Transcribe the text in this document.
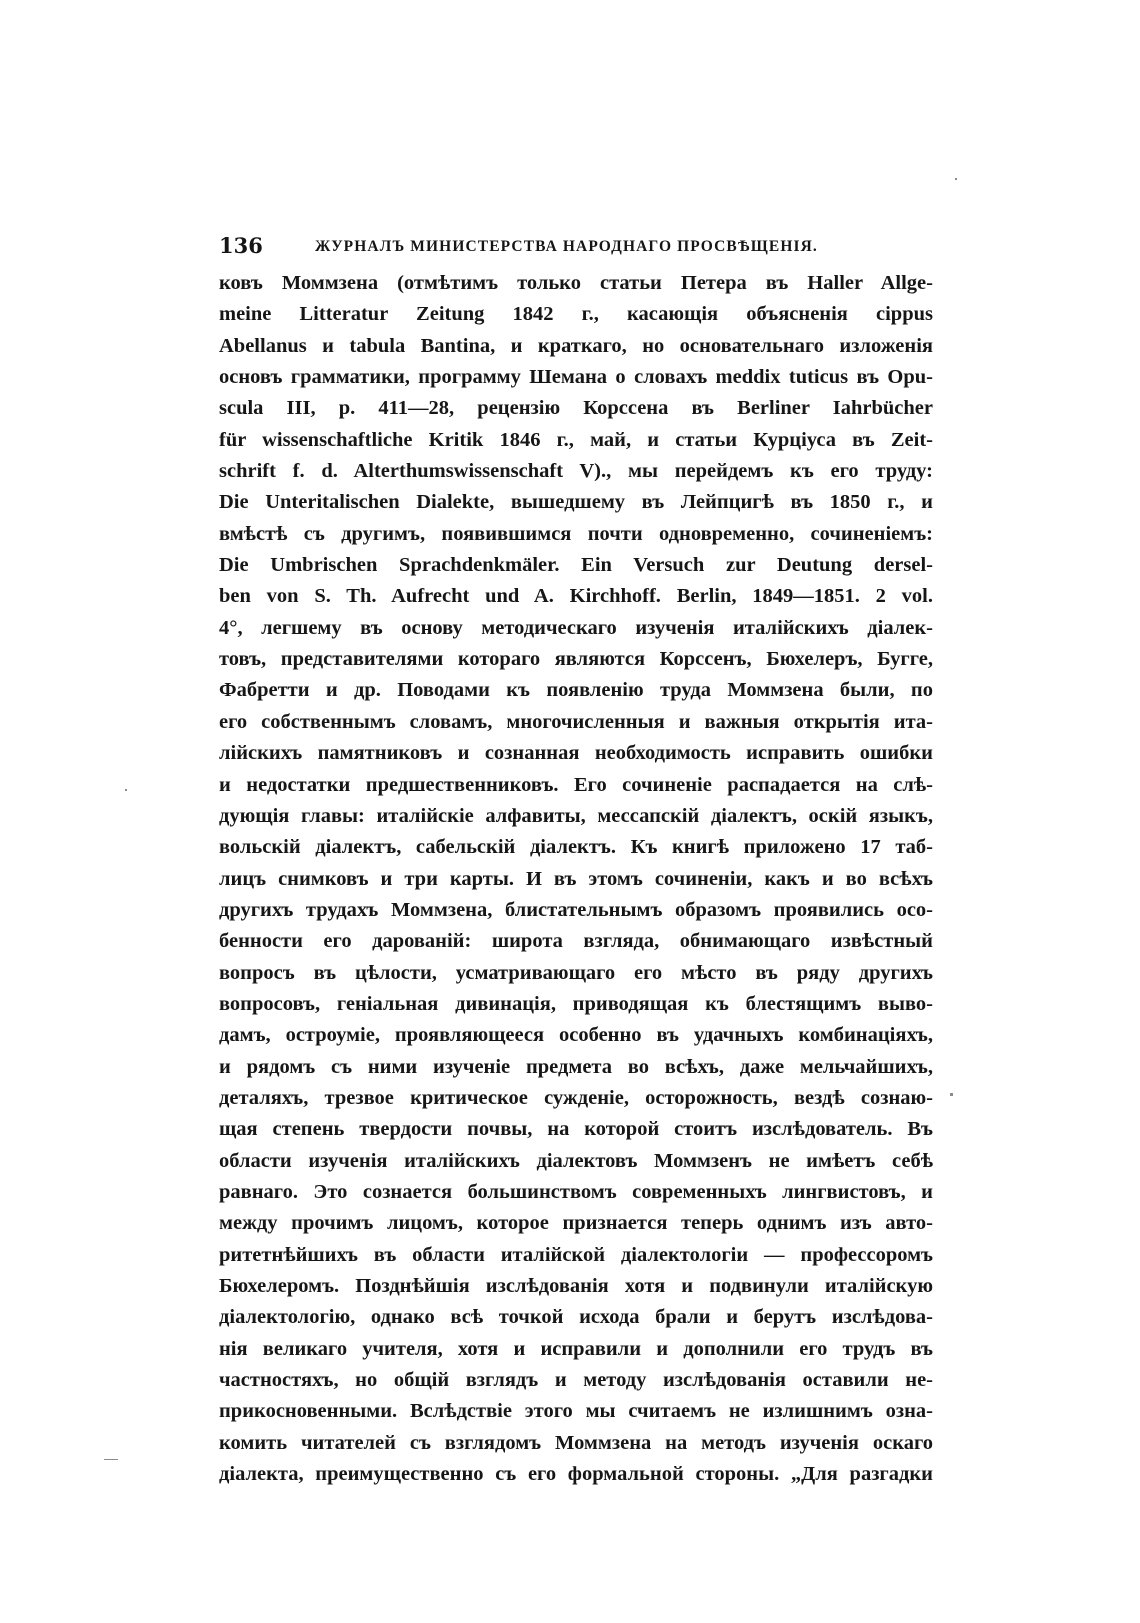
136	ЖУРНАЛЪ МИНИСТЕРСТВА НАРОДНАГО ПРОСВѢЩЕНІЯ.
ковъ Моммзена (отмѣтимъ только статьи Петера въ Haller Allge-
meine Litteratur Zeitung 1842 г., касающія объясненія cippus
Abellanus и tabula Bantina, и краткаго, но основательнаго изложенія
основъ грамматики, программу Шемана о словахъ meddix tuticus въ Opu-
scula III, p. 411—28, рецензію Корссена въ Berliner Iahrbücher
für wissenschaftliche Kritik 1846 г., май, и статьи Курціуса въ Zeit-
schrift f. d. Alterthumswissenschaft V)., мы перейдемъ къ его труду:
Die Unteritalischen Dialekte, вышедшему въ Лейпцигѣ въ 1850 г., и
вмѣстѣ съ другимъ, появившимся почти одновременно, сочиненіемъ:
Die Umbrischen Sprachdenkmäler. Ein Versuch zur Deutung dersel-
ben von S. Th. Aufrecht und A. Kirchhoff. Berlin, 1849—1851. 2 vol.
4°, легшему въ основу методическаго изученія италійскихъ діалек-
товъ, представителями котораго являются Корссенъ, Бюхелеръ, Бугге,
Фабретти и др. Поводами къ появленію труда Моммзена были, по
его собственнымъ словамъ, многочисленныя и важныя открытія ита-
лійскихъ памятниковъ и сознанная необходимость исправить ошибки
и недостатки предшественниковъ. Его сочиненіе распадается на слѣ-
дующія главы: италійскіе алфавиты, мессапскій діалектъ, оскій языкъ,
вольскій діалектъ, сабельскій діалектъ. Къ книгѣ приложено 17 таб-
лицъ снимковъ и три карты. И въ этомъ сочиненіи, какъ и во всѣхъ
другихъ трудахъ Моммзена, блистательнымъ образомъ проявились осо-
бенности его дарованій: широта взгляда, обнимающаго извѣстный
вопросъ въ цѣлости, усматривающаго его мѣсто въ ряду другихъ
вопросовъ, геніальная дивинація, приводящая къ блестящимъ выво-
дамъ, остроуміе, проявляющееся особенно въ удачныхъ комбинаціяхъ,
и рядомъ съ ними изученіе предмета во всѣхъ, даже мельчайшихъ,
деталяхъ, трезвое критическое сужденіе, осторожность, вездѣ сознаю-
щая степень твердости почвы, на которой стоитъ изслѣдователь. Въ
области изученія италійскихъ діалектовъ Моммзенъ не имѣетъ себѣ
равнаго. Это сознается большинствомъ современныхъ лингвистовъ, и
между прочимъ лицомъ, которое признается теперь однимъ изъ авто-
ритетнѣйшихъ въ области италійской діалектологіи — профессоромъ
Бюхелеромъ. Позднѣйшія изслѣдованія хотя и подвинули италійскую
діалектологію, однако всѣ точкой исхода брали и берутъ изслѣдова-
нія великаго учителя, хотя и исправили и дополнили его трудъ въ
частностяхъ, но общій взглядъ и методу изслѣдованія оставили не-
прикосновенными. Вслѣдствіе этого мы считаемъ не излишнимъ озна-
комить читателей съ взглядомъ Моммзена на методъ изученія оскаго
діалекта, преимущественно съ его формальной стороны. „Для разгадки
